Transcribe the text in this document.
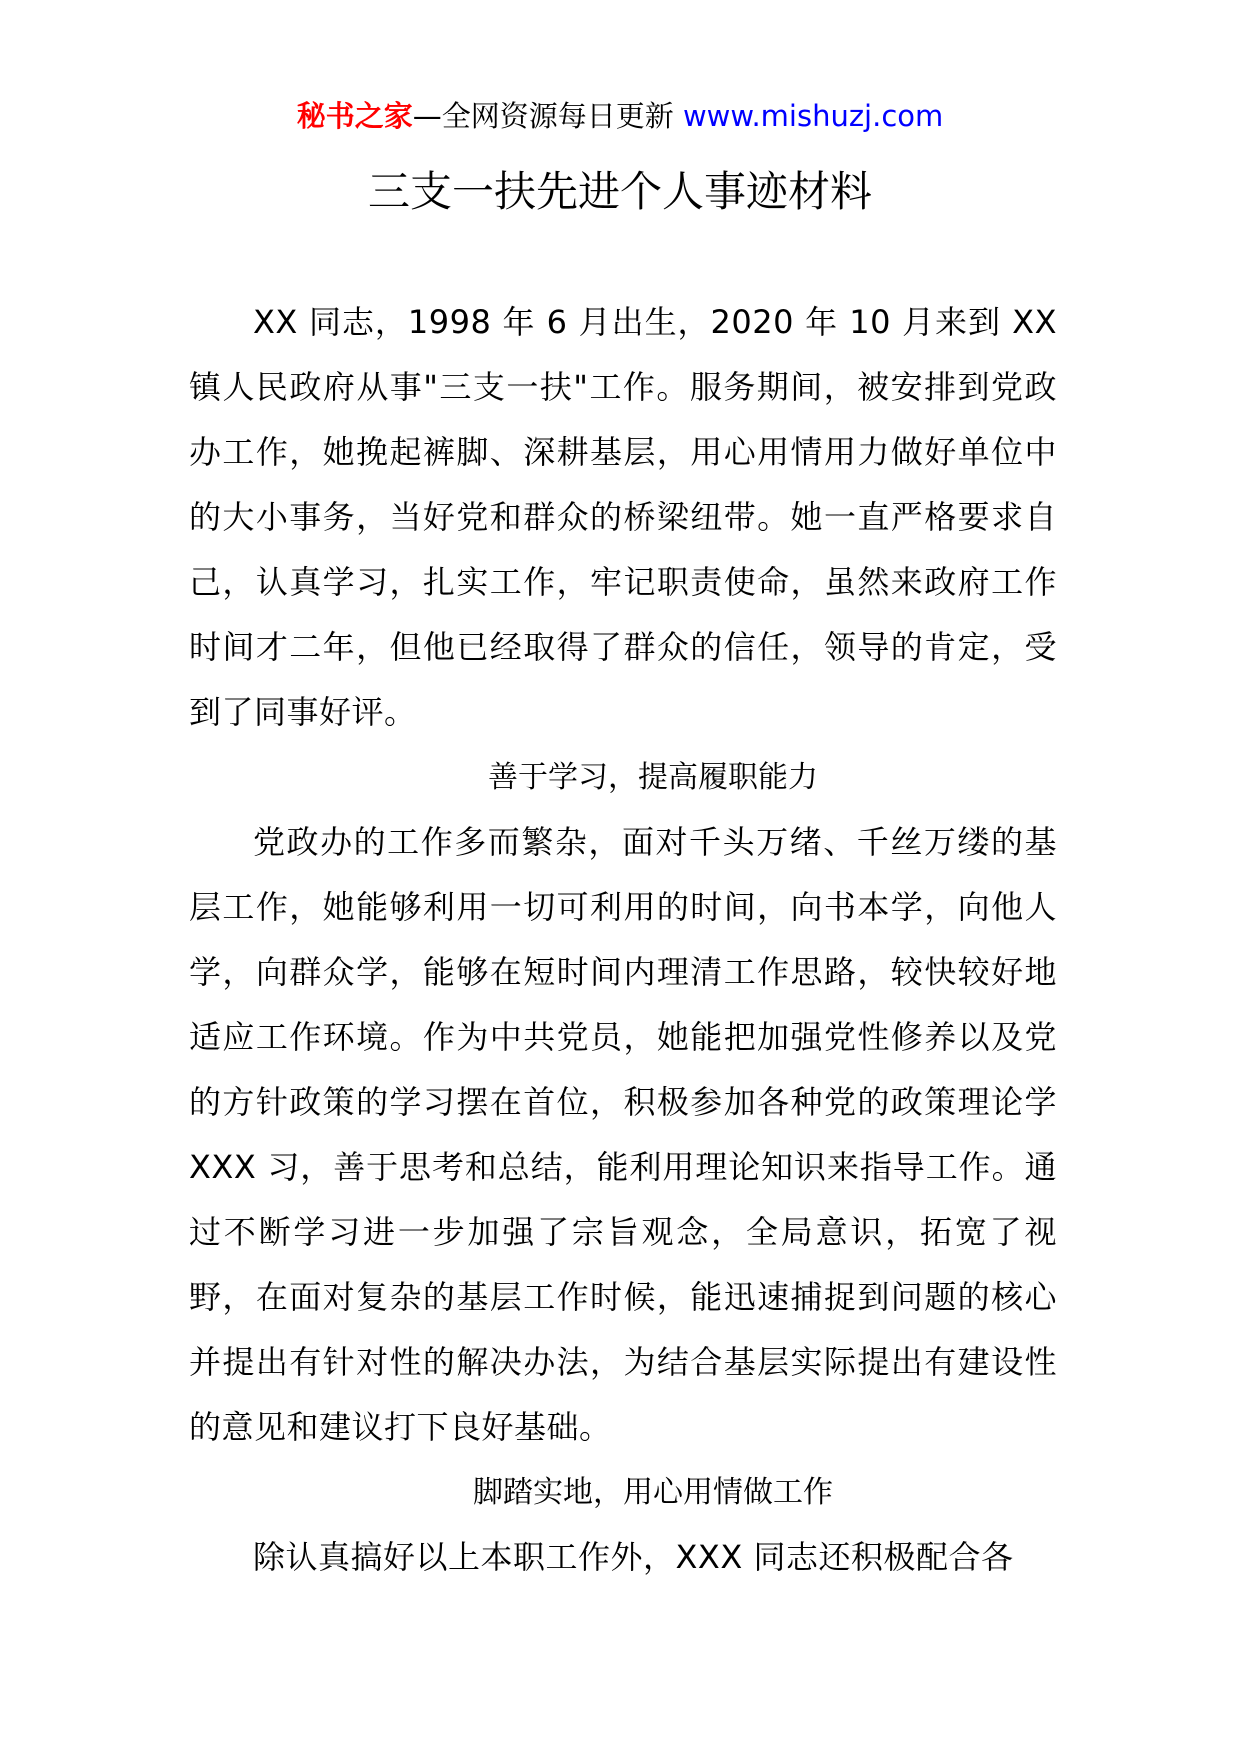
秘书之家—全网资源每日更新 www.mishuzj.com
三支一扶先进个人事迹材料

XX 同志，1998 年 6 月出生，2020 年 10 月来到 XX 镇人民政府从事"三支一扶"工作。服务期间，被安排到党政办工作，她挽起裤脚、深耕基层，用心用情用力做好单位中的大小事务，当好党和群众的桥梁纽带。她一直严格要求自己，认真学习，扎实工作，牢记职责使命，虽然来政府工作时间才二年，但他已经取得了群众的信任，领导的肯定，受到了同事好评。

善于学习，提高履职能力

党政办的工作多而繁杂，面对千头万绪、千丝万缕的基层工作，她能够利用一切可利用的时间，向书本学，向他人学，向群众学，能够在短时间内理清工作思路，较快较好地适应工作环境。作为中共党员，她能把加强党性修养以及党的方针政策的学习摆在首位，积极参加各种党的政策理论学 XXX 习，善于思考和总结，能利用理论知识来指导工作。通过不断学习进一步加强了宗旨观念，全局意识，拓宽了视野，在面对复杂的基层工作时候，能迅速捕捉到问题的核心并提出有针对性的解决办法，为结合基层实际提出有建设性的意见和建议打下良好基础。

脚踏实地，用心用情做工作

除认真搞好以上本职工作外，XXX 同志还积极配合各
